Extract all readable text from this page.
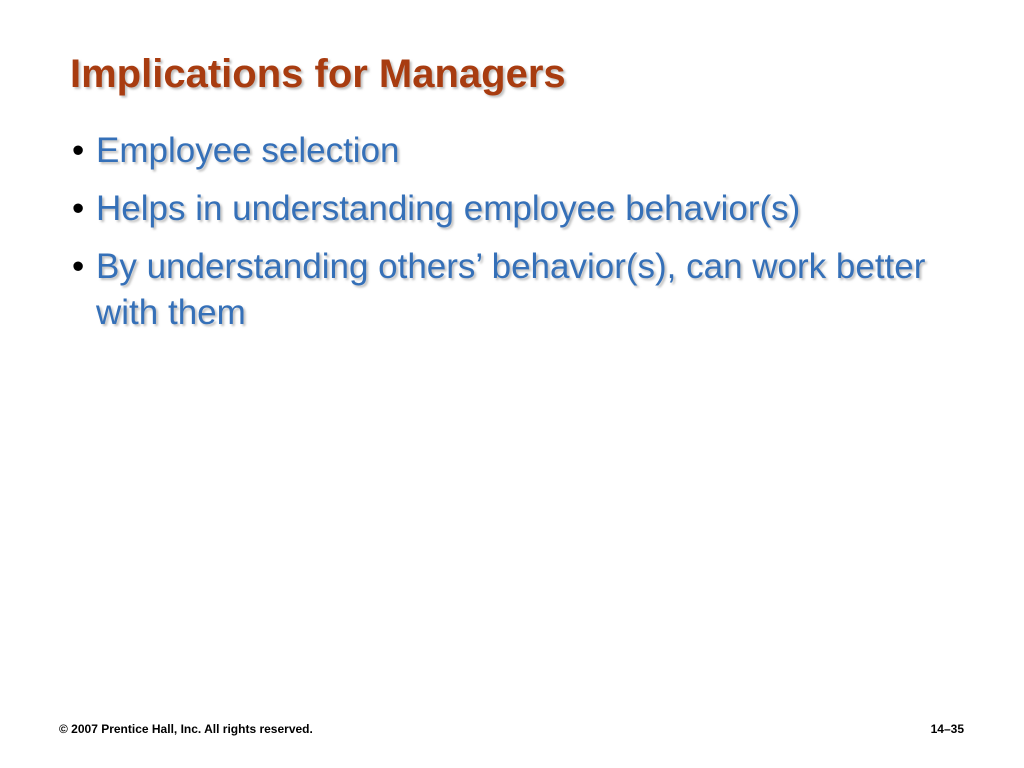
Implications for Managers
• Employee selection
• Helps in understanding employee behavior(s)
• By understanding others’ behavior(s), can work better with them
© 2007 Prentice Hall, Inc. All rights reserved.	14–35
